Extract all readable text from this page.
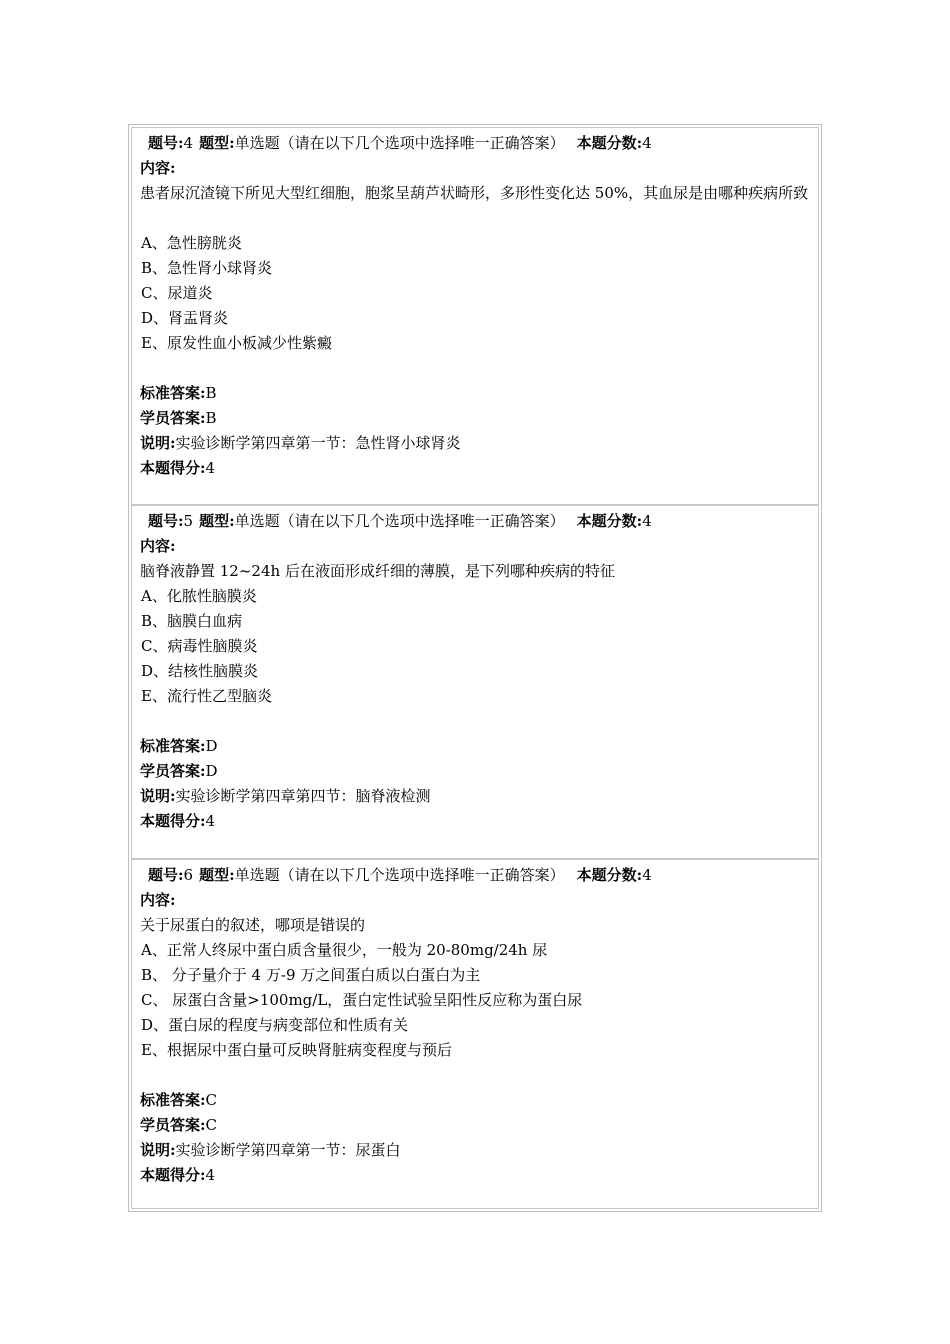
题号:4 题型:单选题（请在以下几个选项中选择唯一正确答案） 本题分数:4
内容:
患者尿沉渣镜下所见大型红细胞，胞浆呈葫芦状畸形，多形性变化达 50%，其血尿是由哪种疾病所致
A、急性膀胱炎
B、急性肾小球肾炎
C、尿道炎
D、肾盂肾炎
E、原发性血小板减少性紫癜
标准答案:B
学员答案:B
说明:实验诊断学第四章第一节：急性肾小球肾炎
本题得分:4
题号:5 题型:单选题（请在以下几个选项中选择唯一正确答案） 本题分数:4
内容:
脑脊液静置 12~24h 后在液面形成纤细的薄膜，是下列哪种疾病的特征
A、化脓性脑膜炎
B、脑膜白血病
C、病毒性脑膜炎
D、结核性脑膜炎
E、流行性乙型脑炎
标准答案:D
学员答案:D
说明:实验诊断学第四章第四节：脑脊液检测
本题得分:4
题号:6 题型:单选题（请在以下几个选项中选择唯一正确答案） 本题分数:4
内容:
关于尿蛋白的叙述，哪项是错误的
A、正常人终尿中蛋白质含量很少，一般为 20-80mg/24h 尿
B、 分子量介于 4 万-9 万之间蛋白质以白蛋白为主
C、 尿蛋白含量>100mg/L，蛋白定性试验呈阳性反应称为蛋白尿
D、蛋白尿的程度与病变部位和性质有关
E、根据尿中蛋白量可反映肾脏病变程度与预后
标准答案:C
学员答案:C
说明:实验诊断学第四章第一节：尿蛋白
本题得分:4
